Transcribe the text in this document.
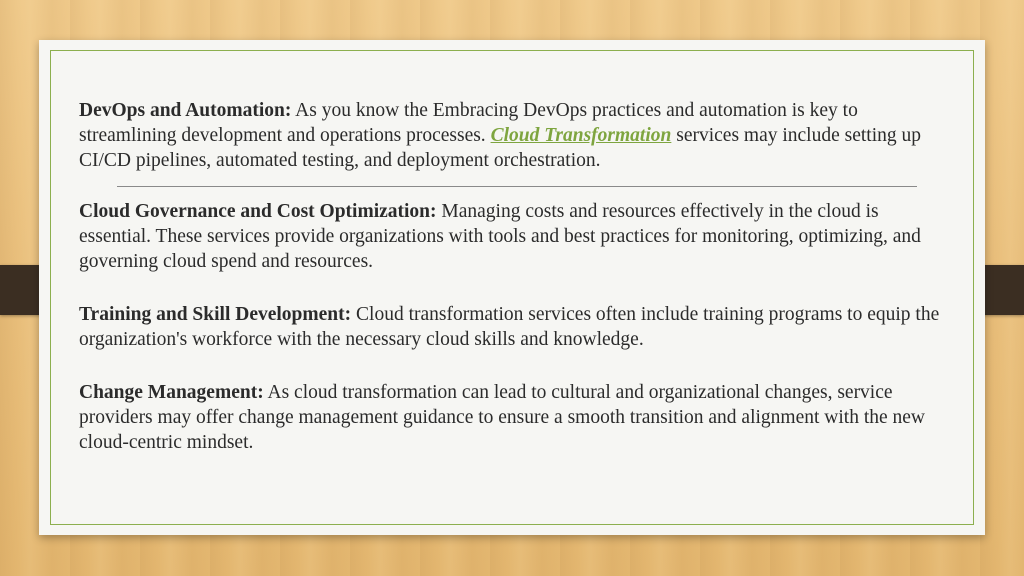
DevOps and Automation: As you know the Embracing DevOps practices and automation is key to streamlining development and operations processes. Cloud Transformation services may include setting up CI/CD pipelines, automated testing, and deployment orchestration.

Cloud Governance and Cost Optimization: Managing costs and resources effectively in the cloud is essential. These services provide organizations with tools and best practices for monitoring, optimizing, and governing cloud spend and resources.

Training and Skill Development: Cloud transformation services often include training programs to equip the organization's workforce with the necessary cloud skills and knowledge.

Change Management: As cloud transformation can lead to cultural and organizational changes, service providers may offer change management guidance to ensure a smooth transition and alignment with the new cloud-centric mindset.
